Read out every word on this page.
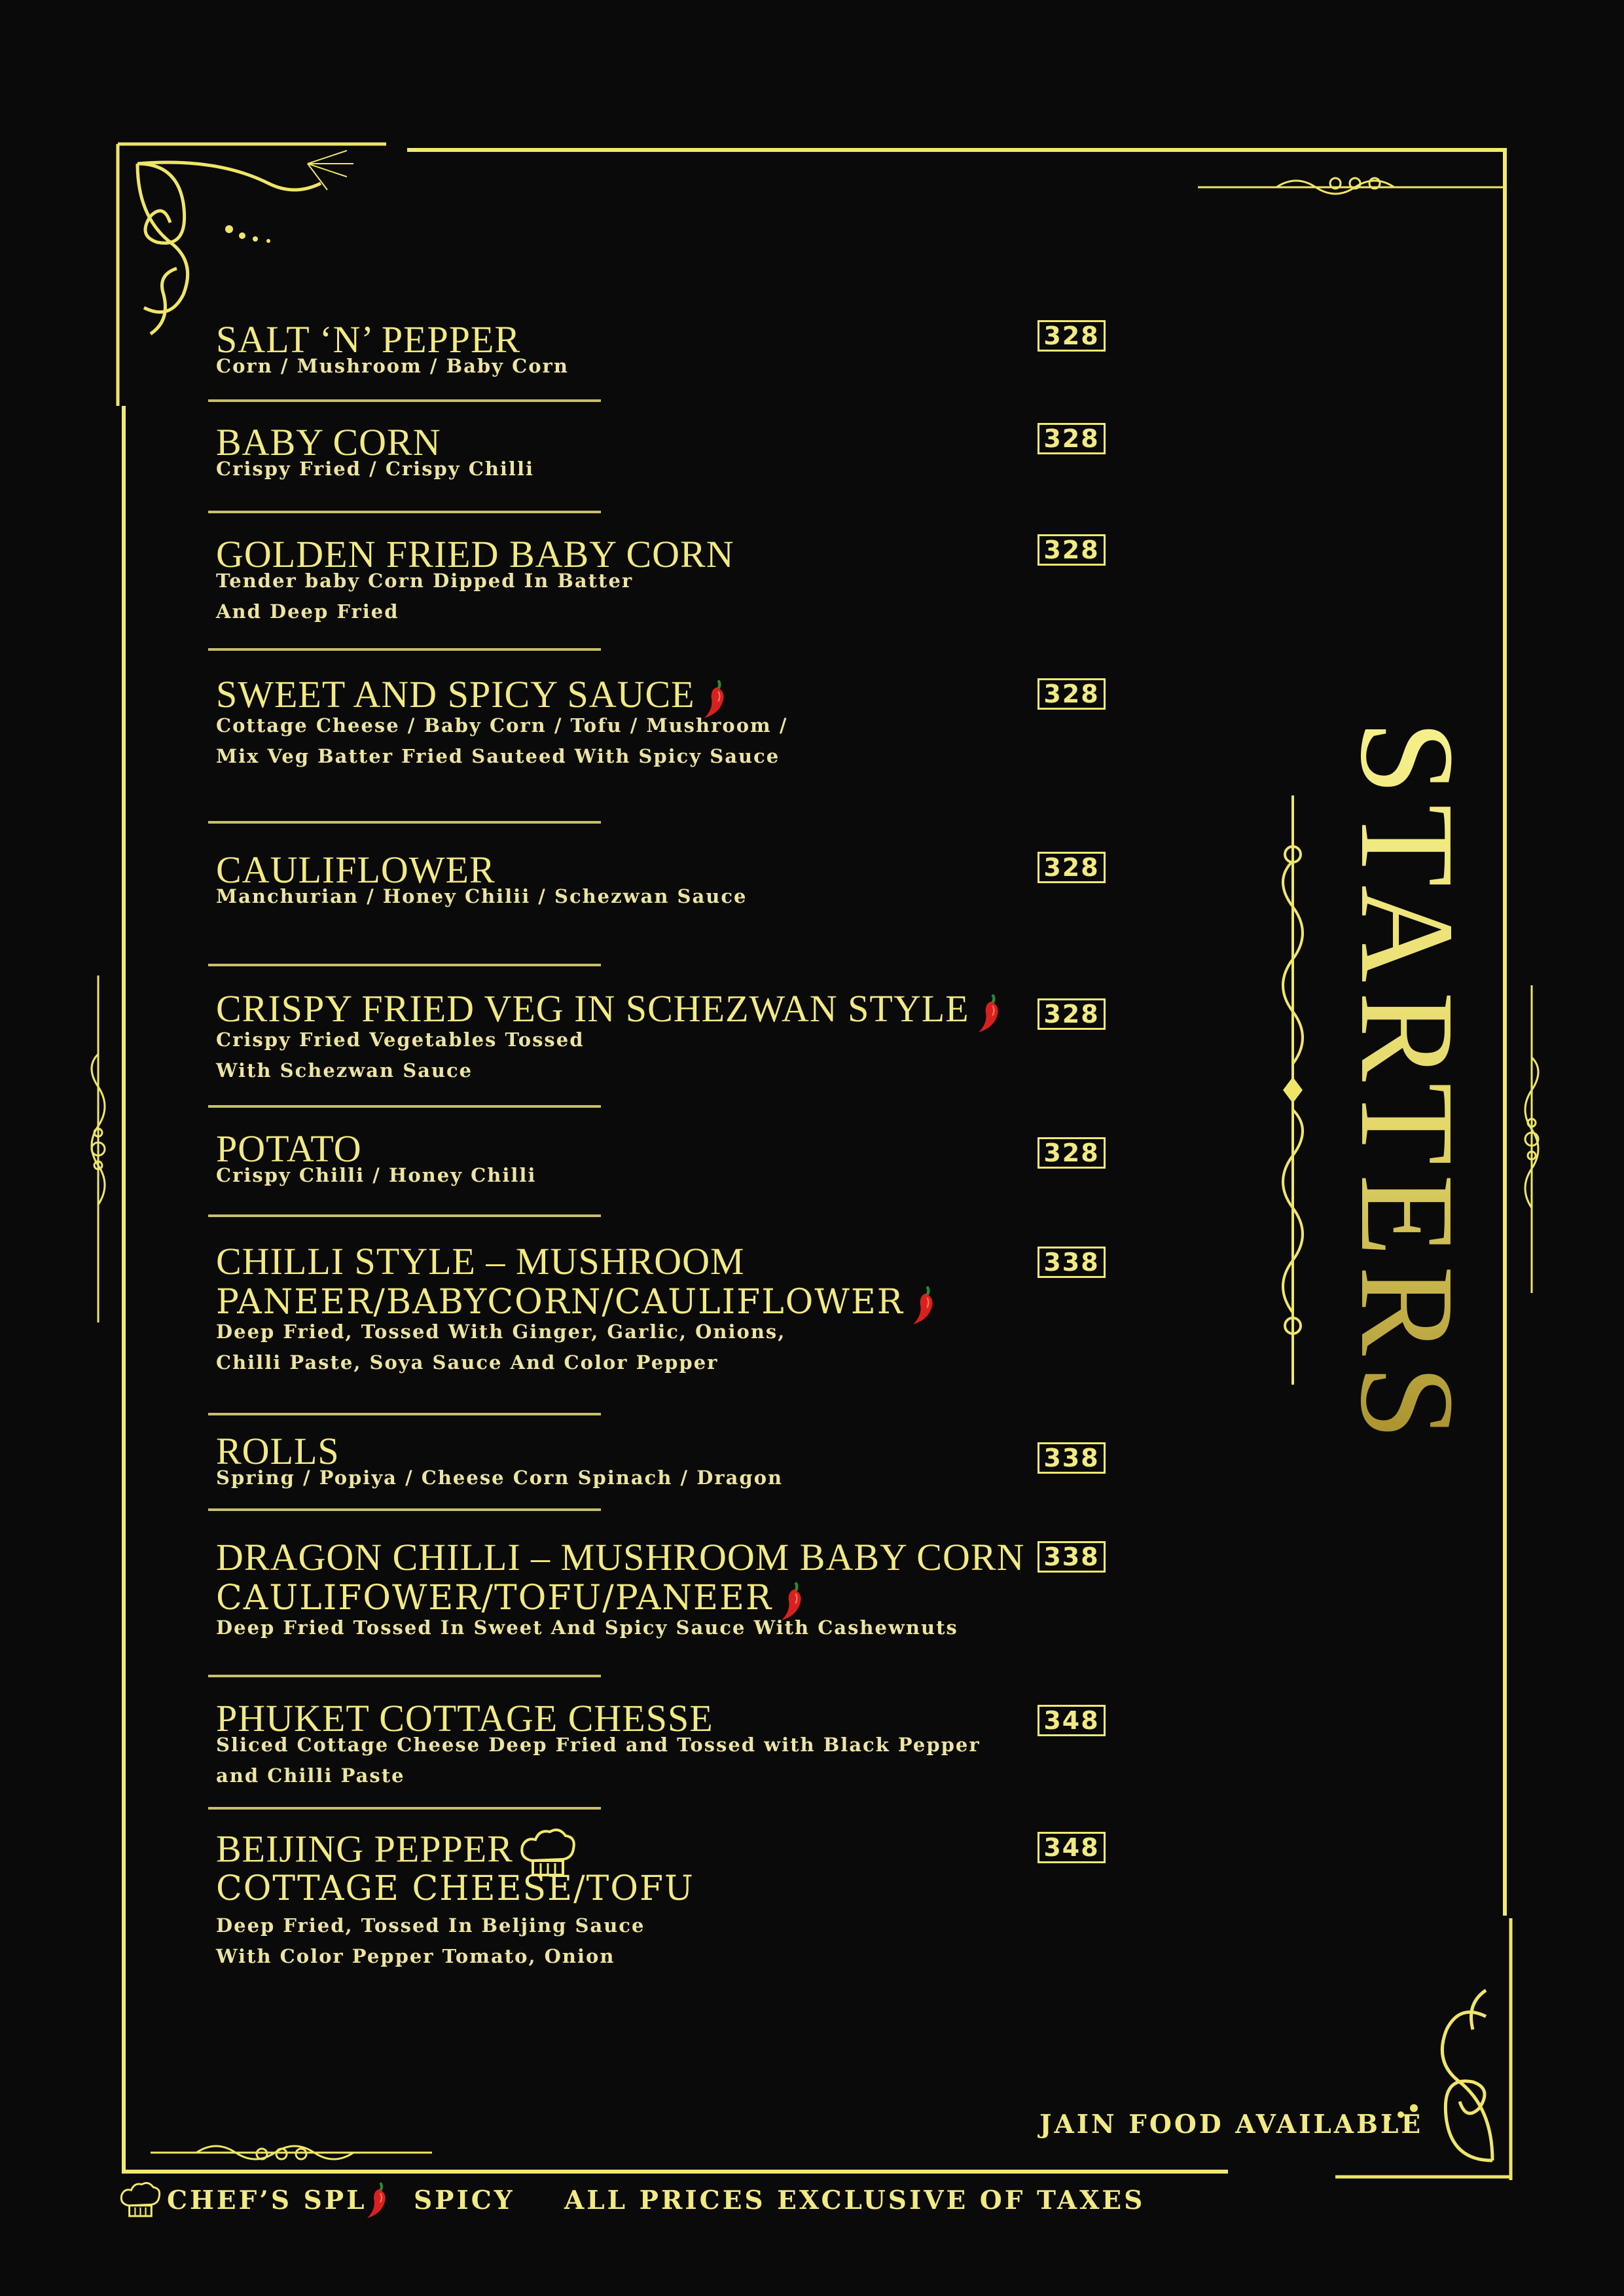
STARTERS
SALT ‘N’ PEPPER
Corn / Mushroom / Baby Corn
328
BABY CORN
Crispy Fried / Crispy Chilli
328
GOLDEN FRIED BABY CORN
Tender baby Corn Dipped In Batter
And Deep Fried
328
SWEET AND SPICY SAUCE
Cottage Cheese / Baby Corn / Tofu / Mushroom /
Mix Veg Batter Fried Sauteed With Spicy Sauce
328
CAULIFLOWER
Manchurian / Honey Chilii / Schezwan Sauce
328
CRISPY FRIED VEG IN SCHEZWAN STYLE
Crispy Fried Vegetables Tossed
With Schezwan Sauce
328
POTATO
Crispy Chilli / Honey Chilli
328
CHILLI STYLE – MUSHROOM
PANEER/BABYCORN/CAULIFLOWER
Deep Fried, Tossed With Ginger, Garlic, Onions,
Chilli Paste, Soya Sauce And Color Pepper
338
ROLLS
Spring / Popiya / Cheese Corn Spinach / Dragon
338
DRAGON CHILLI – MUSHROOM BABY CORN
CAULIFOWER/TOFU/PANEER
Deep Fried Tossed In Sweet And Spicy Sauce With Cashewnuts
338
PHUKET COTTAGE CHESSE
Sliced Cottage Cheese Deep Fried and Tossed with Black Pepper
and Chilli Paste
348
BEIJING PEPPER
COTTAGE CHEESE/TOFU
Deep Fried, Tossed In Beljing Sauce
With Color Pepper Tomato, Onion
348
JAIN FOOD AVAILABLE
CHEF’S SPL SPICY ALL PRICES EXCLUSIVE OF TAXES
